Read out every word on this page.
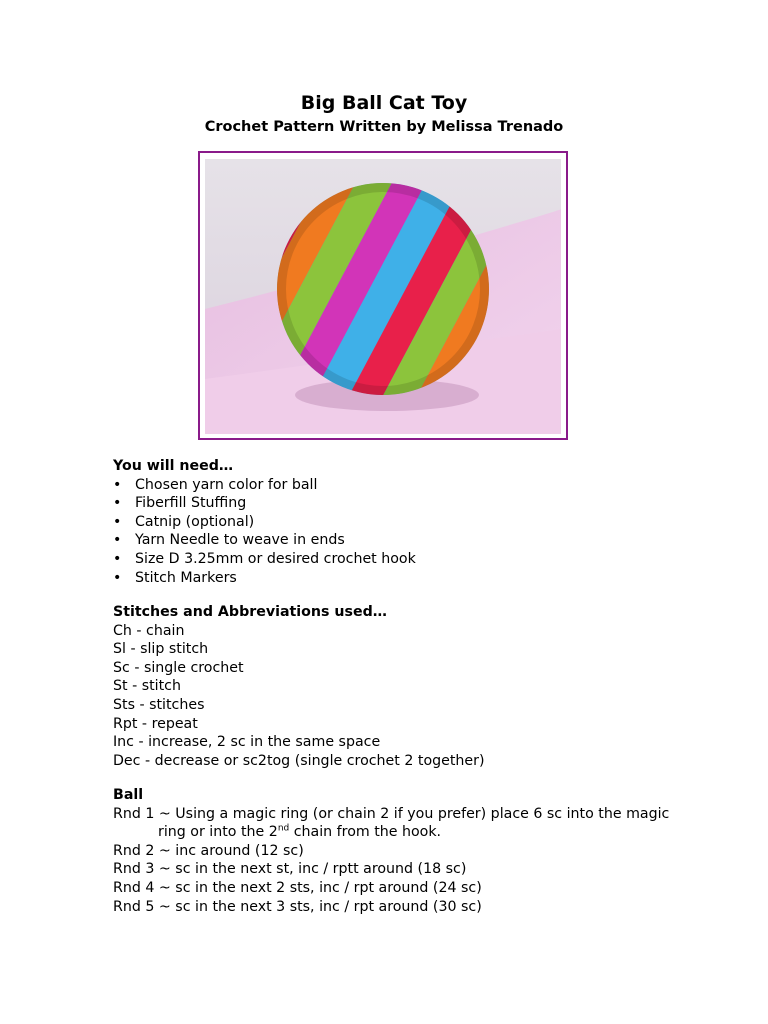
Big Ball Cat Toy
Crochet Pattern Written by Melissa Trenado
You will need…
• Chosen yarn color for ball
• Fiberfill Stuffing
• Catnip (optional)
• Yarn Needle to weave in ends
• Size D 3.25mm or desired crochet hook
• Stitch Markers
Stitches and Abbreviations used…
Ch - chain
Sl - slip stitch
Sc - single crochet
St - stitch
Sts - stitches
Rpt - repeat
Inc - increase, 2 sc in the same space
Dec - decrease or sc2tog (single crochet 2 together)
Ball
Rnd 1 ~ Using a magic ring (or chain 2 if you prefer) place 6 sc into the magic
ring or into the 2nd chain from the hook.
Rnd 2 ~ inc around (12 sc)
Rnd 3 ~ sc in the next st, inc / rptt around (18 sc)
Rnd 4 ~ sc in the next 2 sts, inc / rpt around (24 sc)
Rnd 5 ~ sc in the next 3 sts, inc / rpt around (30 sc)
